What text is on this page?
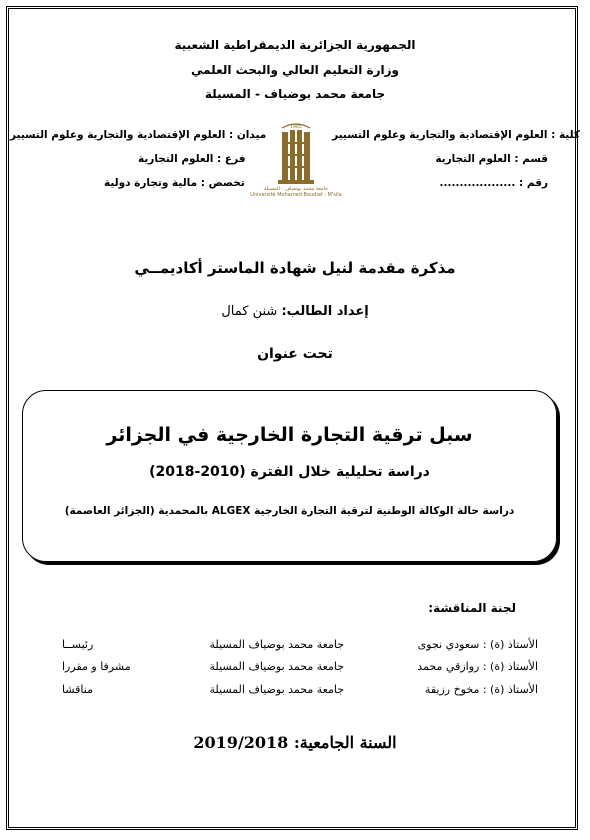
الجمهورية الجزائرية الديمقراطية الشعبية
وزارة التعليم العالي والبحث العلمي
جامعة محمد بوضياف - المسيلة
كلية : العلوم الإقتصادية والتجارية وعلوم التسيير
قسم : العلوم التجارية
رقم : ...................
ميدان : العلوم الإقتصادية والتجارية وعلوم التسيير
فرع : العلوم التجارية
تخصص : مالية وتجارة دولية
1985
جامعة محمد بوضياف - المسيلة
Université Mohamed Boudiaf - M'sila
مذكرة مقدمة لنيل شهادة الماستر أكاديمــي
إعداد الطالب: شنن كمال
تحت عنوان
سبل ترقية التجارة الخارجية في الجزائر
دراسة تحليلية خلال الفترة (2010-2018)
دراسة حالة الوكالة الوطنية لترقية التجارة الخارجية ALGEX بالمحمدية (الجزائر العاصمة)
لجنة المناقشة:
الأستاذ (ة) : سعودي نجوى
جامعة محمد بوضياف المسيلة
رئيســا
الأستاذ (ة) : روازقي محمد
جامعة محمد بوضياف المسيلة
مشرفا و مقررا
الأستاذ (ة) : مخوخ رزيقة
جامعة محمد بوضياف المسيلة
مناقشا
السنة الجامعية: 2019/2018
